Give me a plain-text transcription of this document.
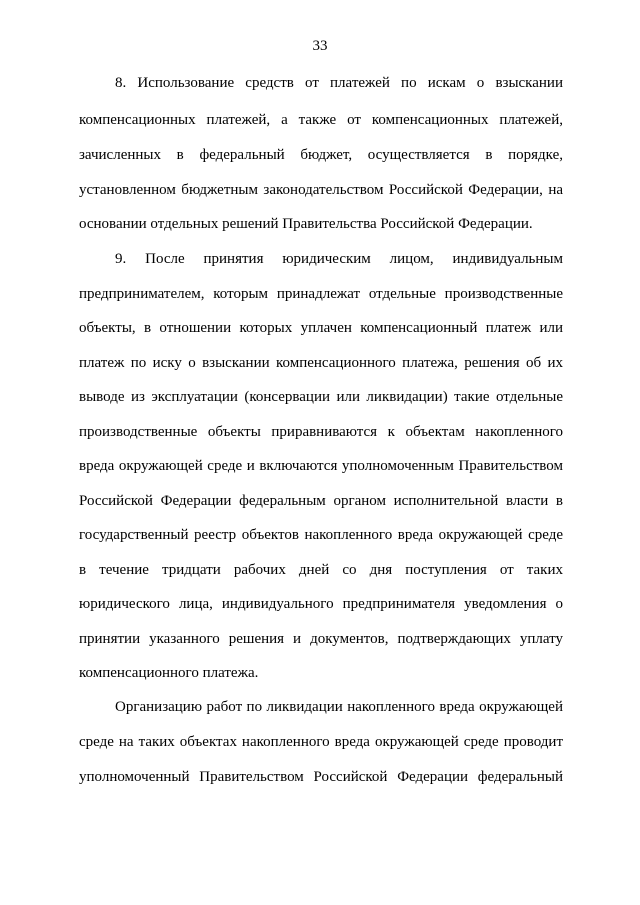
33
8. Использование средств от платежей по искам о взыскании
компенсационных платежей, а также от компенсационных платежей,
зачисленных в федеральный бюджет, осуществляется в порядке,
установленном бюджетным законодательством Российской Федерации, на
основании отдельных решений Правительства Российской Федерации.
9. После принятия юридическим лицом, индивидуальным
предпринимателем, которым принадлежат отдельные производственные
объекты, в отношении которых уплачен компенсационный платеж или
платеж по иску о взыскании компенсационного платежа, решения об их
выводе из эксплуатации (консервации или ликвидации) такие отдельные
производственные объекты приравниваются к объектам накопленного
вреда окружающей среде и включаются уполномоченным Правительством
Российской Федерации федеральным органом исполнительной власти в
государственный реестр объектов накопленного вреда окружающей среде
в течение тридцати рабочих дней со дня поступления от таких
юридического лица, индивидуального предпринимателя уведомления о
принятии указанного решения и документов, подтверждающих уплату
компенсационного платежа.
Организацию работ по ликвидации накопленного вреда окружающей
среде на таких объектах накопленного вреда окружающей среде проводит
уполномоченный Правительством Российской Федерации федеральный
